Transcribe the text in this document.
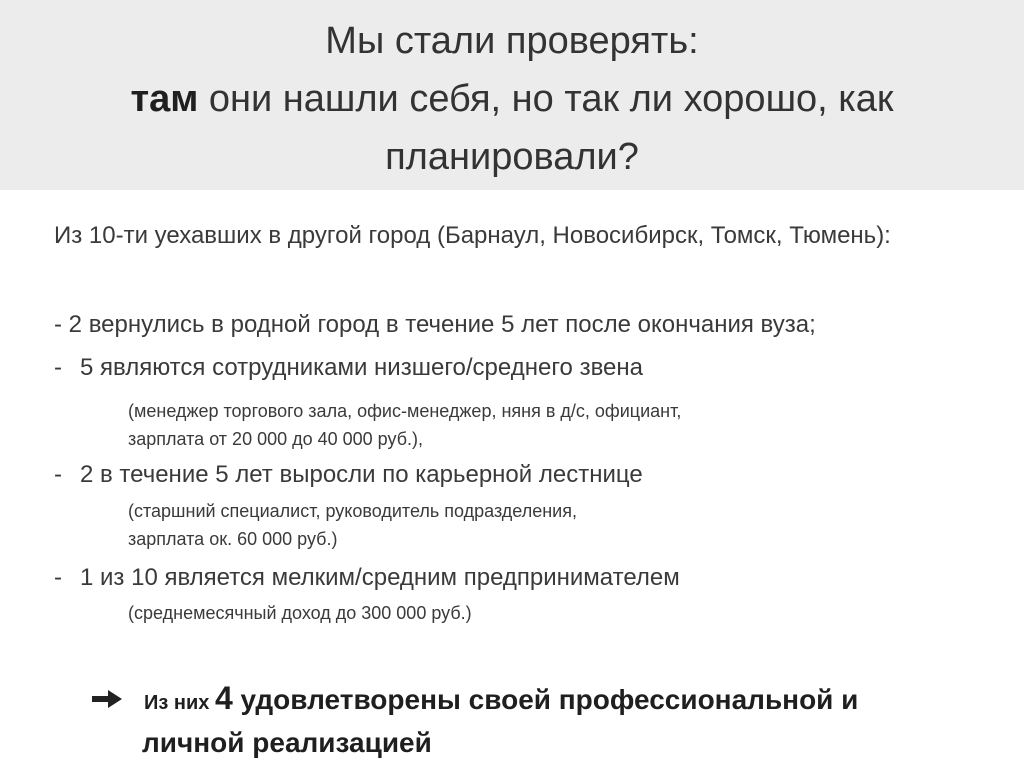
Мы стали проверять:
там они нашли себя, но так ли хорошо, как
планировали?
Из 10-ти уехавших в другой город (Барнаул, Новосибирск, Томск, Тюмень):
- 2 вернулись в родной город в течение 5 лет после окончания вуза;
- 5 являются сотрудниками низшего/среднего звена
(менеджер торгового зала, офис-менеджер, няня в д/с, официант,
зарплата от 20 000 до 40 000 руб.),
- 2 в течение 5 лет выросли по карьерной лестнице
(старшний специалист, руководитель подразделения,
зарплата ок. 60 000 руб.)
- 1 из 10 является мелким/средним предпринимателем
(среднемесячный доход до 300 000 руб.)
Из них 4 удовлетворены своей профессиональной и
личной реализацией
